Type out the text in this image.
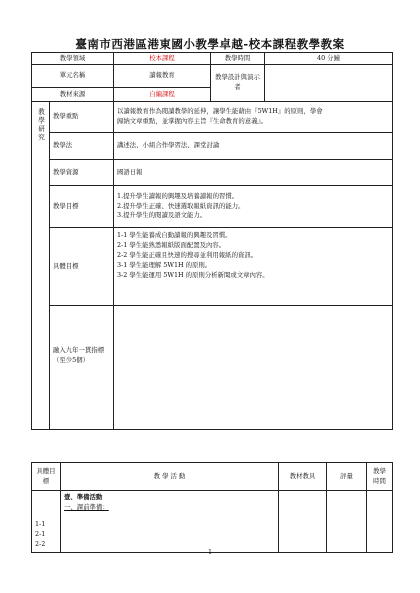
臺南市西港區港東國小教學卓越-校本課程教學教案
教學領域		校本課程	教學時間	40 分鐘
單元名稱		讀報教育	教學設計與演示者	
教材來源		自編課程		

教學研究	教學重點	以讀報教育作為閱讀教學的延伸，讓學生能藉由『5W1H』的原則，學會
歸納文章重點，並掌握內容主旨『生命教育的意義』。		

	教學法	講述法、小組合作學習法、課堂討論		

	教學資源	國語日報		

	教學目標	1.提升學生讀報的興趣及培養讀報的習慣。
2.提升學生正確、快速選取報紙資訊的能力。
3.提升學生的閱讀及語文能力。		

	具體目標	1-1 學生能養成自動讀報的興趣及習慣。
2-1 學生能熟悉報紙版面配置及內容。
2-2 學生能正確且快速的搜尋並利用報紙的資訊。
3-1 學生能理解 5W1H 的原則。
3-2 學生能運用 5W1H 的原則分析新聞或文章內容。		

	融入九年一貫指標（至少5個）			
具體目標	教 學 活 動	教材教具	評量	教學時間

1-1
2-1
2-2	壹、準備活動
一、課前準備：			

1
